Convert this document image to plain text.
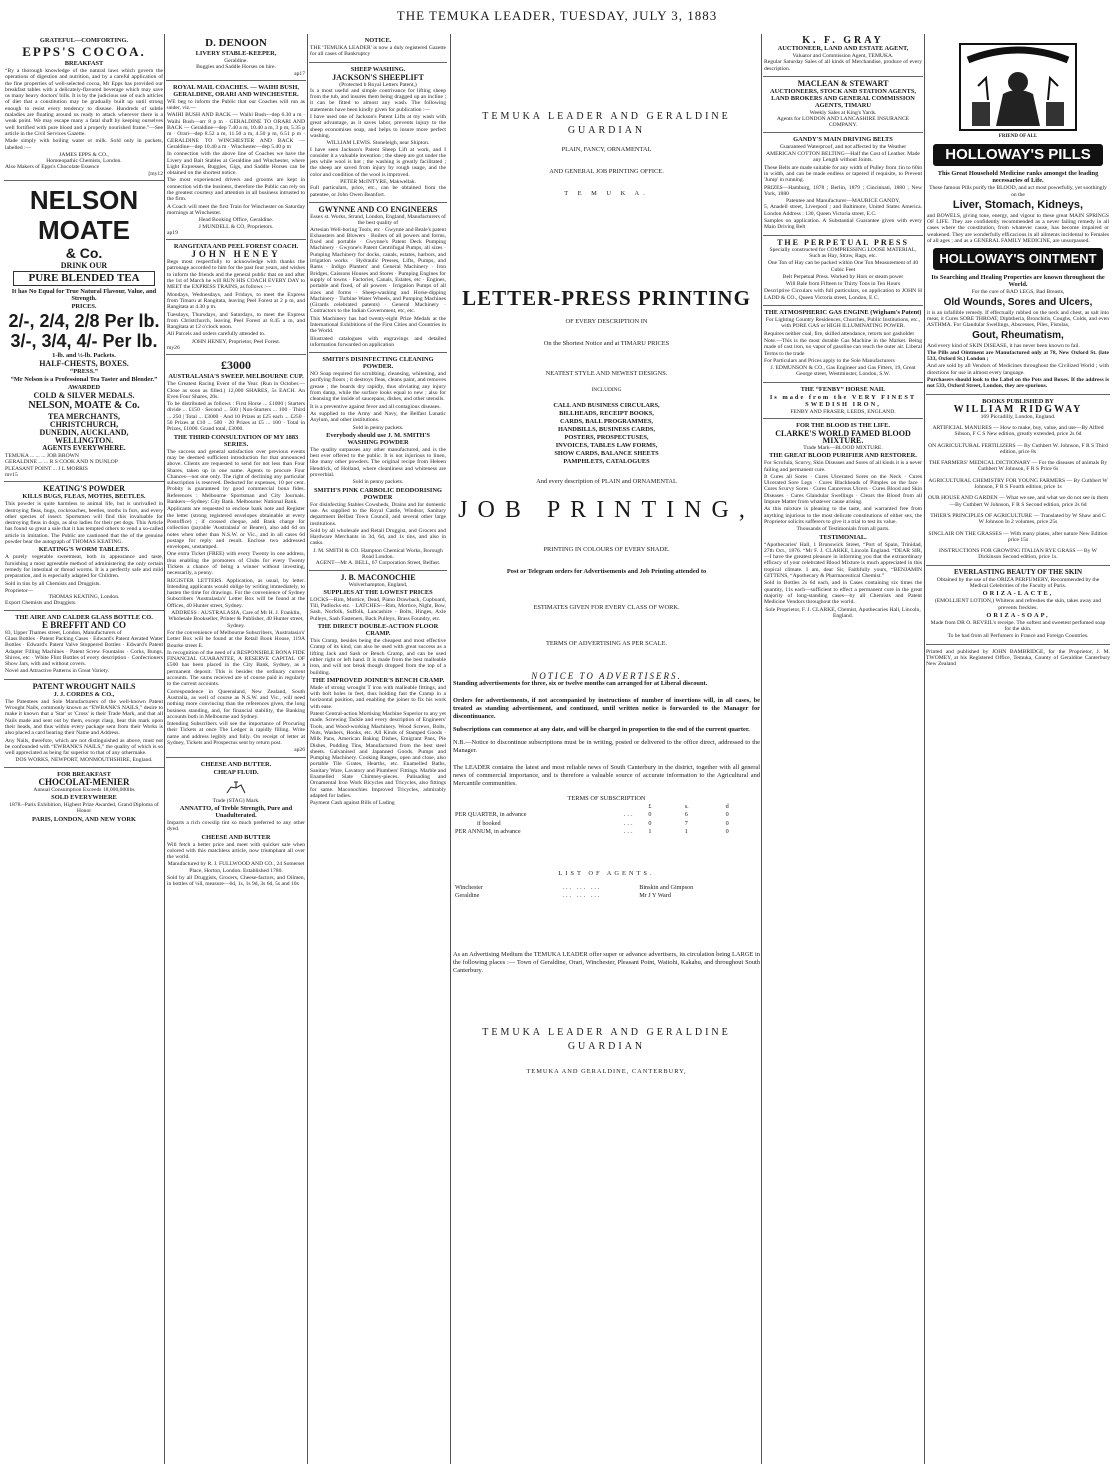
THE TEMUKA LEADER, TUESDAY, JULY 3, 1883
GRATEFUL—COMFORTING.
EPPS'S COCOA.
BREAKFAST

“By a thorough knowledge of the natural laws which govern the operations of digestion and nutrition, and by a careful application of the fine properties of well-selected cocoa, Mr Epps has provided our breakfast tables with a delicately-flavored beverage which may save us many heavy doctors' bills. It is by the judicious use of such articles of diet that a constitution may be gradually built up until strong enough to resist every tendency to disease. Hundreds of subtle maladies are floating around us ready to attack wherever there is a weak point. We may escape many a fatal shaft by keeping ourselves well fortified with pure blood and a properly nourished frame.”—See article in the Civil Services Gazette.

Made simply with boiling water or milk. Sold only in packets, labelled :—

JAMES EPPS & CO.,
Homœopathic Chemists, London.
Also Makers of Epps's Chocolate Essence
[my12
NELSON
MOATE
& Co.
DRINK OUR
PURE BLENDED TEA
It has No Equal for True Natural Flavour, Value, and Strength.
PRICES.
2/-, 2/4, 2/8 Per lb.
3/-, 3/4, 4/- Per lb.
1-lb. and ½-lb. Packets.
HALF-CHESTS, BOXES.
“PRESS.”
“Mr Nelson is a Professional Tea Taster and Blender.”
AWARDED
COLD & SILVER MEDALS.
NELSON, MOATE & Co.
TEA MERCHANTS,
CHRISTCHURCH,
DUNEDIN, AUCKLAND,
WELLINGTON.
AGENTS EVERYWHERE.
TEMUKA ... ... ... JOB BROWN
GERALDINE ... ... R S COOK AND N DUNLOP
PLEASANT POINT ... J L MORRIS
mv15
KEATING'S POWDER
KILLS BUGS, FLEAS, MOTHS, BEETLES.

This powder is quite harmless to animal life, but is unrivalled in destroying fleas, bugs, cockroaches, beetles, moths in furs, and every other species of insect. Sportsmen will find this invaluable for destroying fleas in dogs, as also ladies for their pet dogs. This Article has found so great a sale that it has tempted others to vend a so-called article in imitation. The Public are cautioned that the of the genuine powder bear the autograph of THOMAS KEATING.

KEATING'S WORM TABLETS.

A purely vegetable sweetmeat, both in appearance and taste, furnishing a most agreeable method of administering the only certain remedy for intestinal or thread worms. It is a perfectly safe and mild preparation, and is especially adapted for Children.

Sold in tins by all Chemists and Druggists.

Proprietor—
THOMAS KEATING, London.
Export Chemists and Druggists.
THE AIRE AND CALDER GLASS BOTTLE CO.
E BREFFIT AND CO
83, Upper Thames street, London, Manufacturers of

Glass Bottles · Patent Packing Cases · Edward's Patent Aerated Water Bottles · Edward's Patent Valve Stoppered Bottles · Edward's Patent Adapter Filling Machines · Patent Screw Fountains · Corks, Bungs, Shives, etc · White Flint Bottles of every description · Confectioners Show Jars, with and without covers.

Novel and Attractive Patterns in Great Variety.

PATENT WROUGHT NAILS
J. J. CORDES & CO.,

The Patentees and Sole Manufacturers of the well-known Patent Wrought Nails, commonly known as “EWBANK'S NAILS,” desire to make it known that a 'Star' or 'Cross' is their Trade Mark, and that all Nails made and sent out by them, except clasp, bear this mark upon their heads, and thus within every package sent from their Works is also placed a card bearing their Name and Address.

Any Nails, therefore, which are not distinguished as above, must not be confounded with “EWBANK'S NAILS,” the quality of which is so well appreciated as being far superior to that of any othermake.

DOS WORKS, NEWPORT, MONMOUTHSHIRE, England.
FOR BREAKFAST
CHOCOLAT-MENIER
Annual Consumption Exceeds 18,000,000lbs
SOLD EVERYWHERE
1878.–Paris Exhibition, Highest Prize Awarded, Grand Diploma of Honor
PARIS, LONDON, AND NEW YORK
D. DENOON
LIVERY STABLE-KEEPER,
Geraldine.
Buggies and Saddle Horses on hire.
ap17
ROYAL MAIL COACHES. — WAIHI BUSH, GERALDINE, ORARI AND WINCHESTER.

WE beg to inform the Public that our Coaches will run as under, viz.—

WAIHI BUSH AND BACK — Waihi Bush—dep 6.30 a m · Waihi Bush—arr 8 p m · GERALDINE TO ORARI AND BACK — Geraldine—dep 7.40 a m, 10.40 a m, 3 p m, 5.35 p m · Orari—dep 8.52 a m, 11.50 a m, 4.50 p m, 6.51 p m · GERALDINE TO WINCHESTER AND BACK — Geraldine—dep 10.40 a m · Winchester—dep 5.40 p m

In connection with the above line of Coaches we have the Livery and Bait Stables at Geraldine and Winchester, where Light Expresses, Buggies, Gigs, and Saddle Horses can be obtained on the shortest notice.

The most experienced drivers and grooms are kept in connection with the business, therefore the Public can rely on the greatest courtesy and attention in all business intrusted to the firm.

A Coach will meet the first Train for Winchester on Saturday mornings at Winchester.

Head Booking Office, Geraldine.
J MUNDELL & CO, Proprietors.
ap19
RANGITATA AND PEEL FOREST COACH.
JOHN HENEY

Begs most respectfully to acknowledge with thanks the patronage accorded to him for the past four years, and wishes to inform the friends and the general public that on and after the 1st of March he will RUN HIS COACH EVERY DAY to MEET the EXPRESS TRAINS, as follows :—

Mondays, Wednesdays, and Fridays, to meet the Express from Timaru at Rangitata, leaving Peel Forest at 2 p m, and Rangitata at 4.30 p m.

Tuesdays, Thursdays, and Saturdays, to meet the Express from Christchurch, leaving Peel Forest at 8.45 a m, and Rangitata at 12 o'clock noon.

All Parcels and orders carefully attended to.

JOHN HENEY, Proprietor, Peel Forest.
my26
£3000
AUSTRALASIA'S SWEEP. MELBOURNE CUP.

The Greatest Racing Event of the Year. (Run in October.—Close as soon as filled.) 12,000 SHARES, 5s EACH. An Even Four Shares, 20s.

To be distributed as follows : First Horse ... £1000 | Starters divide ... £150 · Second ... 500 | Non-Starters ... 100 · Third ... 250 | Total ... £3000 · And 10 Prizes at £25 each ... £250 · 50 Prizes at £10 ... 500 · 20 Prizes at £5 ... 100 · Total in Prizes, £1000. Grand total, £3000.

THE THIRD CONSULTATION OF MY 1883 SERIES.

The success and general satisfaction over previous events may be deemed sufficient introduction for that announced above. Clients are requested to send for not less than Four Shares, taken up in one name. Agents to procure Four Chances—not one only. The right of declining any particular subscription is reserved. Deducted for expenses, 10 per cent. Probity is guaranteed by good commercial bona fides. References : Melbourne Sportsman and City Journals. Bankers—Sydney: City Bank. Melbourne: National Bank.

Applicants are requested to enclose bank note and Register the letter (strong registered envelopes obtainable at every Postoffice) ; if crossed cheque, add Bank charge for collection (payable 'Australasia' or Bearer), also add 6d on notes when other than N.S.W. or Vic., and in all cases 6d postage for reply and result. Enclose two addressed envelopes, unstamped.

One extra Ticket (FREE) with every Twenty in one address, thus enabling the promoters of Clubs for every Twenty Tickets a chance of being a winner without investing, necessarily, a penny.

REGISTER LETTERS. Application, as usual, by letter. Intending applicants would oblige by writing immediately, to hasten the time for drawings. For the convenience of Sydney Subscribers 'Australasia's' Letter Box will be found at the Offices, 40 Hunter street, Sydney.

ADDRESS : AUSTRALASIA, Care of Mr H. J. Franklin, Wholesale Bookseller, Printer & Publisher, 40 Hunter street, Sydney.

For the convenience of Melbourne Subscribers, 'Australasia's' Letter Box will be found at the Retail Book House, 119A Bourke street E.

In recognition of the need of a RESPONSIBLE BONA FIDE FINANCIAL GUARANTEE, A RESERVE CAPITAL OF £500 has been placed in the City Bank, Sydney, as a permanent deposit. This is besides the ordinary current accounts. The sums received are of course paid in regularly to the current accounts.

Correspondence in Queensland, New Zealand, South Australia, as well of course as N.S.W. and Vic., will need nothing more convincing than the references given, the long business standing, and, for financial stability, the Banking accounts both in Melbourne and Sydney.

Intending Subscribers will see the importance of Procuring their Tickets at once The Ledger is rapidly filling. Write name and address legibly and fully. On receipt of letter at Sydney, Tickets and Prospectus sent by return post.

ap26
CHEESE AND BUTTER.
CHEAP FLUID.
Trade (STAG) Mark.
ANNATTO, of Treble Strength, Pure and Unadulterated.

Imparts a rich cowslip tint so much preferred to any other dyed.

CHEESE AND BUTTER

Will fetch a better price and meet with quicker sale when colored with this matchless article, now triumphant all over the world.

Manufactured by R. J. FULLWOOD AND CO., 24 Somerset Place, Horton, London. Established 1780.

Sold by all Druggists, Grocers, Cheese-factors, and Oilmen, in bottles of ¼ll, measure—6d, 1s, 1s 9d, 3s 6d, 5s and 10s

NOTICE.

THE 'TEMUKA LEADER' is now a duly registered Gazette for all cases of Bankruptcy

SHEEP WASHING.
JACKSON'S SHEEPLIFT
(Protected b Royal Letters Patent,)

Is a most useful and simple contrivance for lifting sheep from the tub, and insures them being dragged up an incline ; it can be fitted to almost any wash. The following statements have been kindly given for publication :—

I have used one of Jackson's Patent Lifts at my wash with great advantage, as it saves labor, prevents injury to the sheep economises soap, and helps to insure more perfect washing.

WILLIAM LEWIS. Stoneleigh, near Shipton.

I have seen Jackson's Patent Sheep Lift at work, and I consider it a valuable invention ; the sheep are got under the jets while wool is hot ; the washing is greatly facilitated ; the sheep are saved from injury by rough usage, and the color and condition of the wool is improved.

PETER McINTYRE, Makwellak.

Full particulars, price, etc., can be obtained from the patentee, or John Owen Beanfort.

GWYNNE AND CO ENGINEERS
Essex st. Works, Strand, London, England, Manufacturers of the best quality of

Artesian Well-boring Tools, etc · Gwynne and Beale's patent Exhausters and Blowers · Boilers of all powers and forms, fixed and portable · Gwynne's Patent Deck Pumping Machinery · Gwynne's Patent Centrifugal Pumps, all sizes · Pumping Machinery for docks, canals, estates, harbors, and irrigation works · Hydraulic Presses, Lifts, Pumps, and Rams · Indigo Planters' and General Machinery · Iron Bridges, Caissons Houses and Stores · Pumping Engines for supply of towns · Factories, Canals, Estates, etc · Engines, portable and fixed, of all powers · Irrigation Pumps of all sizes and forms · Sheep-washing and Horse-dipping Machinery · Turbine Water Wheels, and Pumping Machines (Girards celebrated patents) · General Machinery · Contractors to the Indian Government, etc, etc.

This Machinery has had twenty-eight Prize Medals at the International Exhibitions of the First Cities and Countries in the World.

Illustrated catalogues with engravings and detailed information forwarded on application

SMITH'S DISINFECTING CLEANING POWDER.

NO Soap required for scrubbing, cleansing, whitening, and purifying floors ; it destroys fleas, cleans paint, and removes grease ; the boards dry rapidly, thus obviating any injury from damp, while the surface looks equal to new ; also for cleansing the inside of saucepans, dishes, and other utensils.

It is a preventive against fever and all contagious diseases.

As supplied to the Army and Navy, the Belfast Lunatic Asylum, and other institutions.

Sold in penny packets.
Everybody should use J. M. SMITH'S WASHING POWDER

The quality surpasses any other manufactured, and is the best ever offered to the public. It is not injurious to linen, like many other powders. The original recipe from Heleen Hendrick, of Holland, where cleanliness and whiteness are proverbial.

Sold in penny packets.
SMITH'S PINK CARBOLIC DEODORISING POWDER

For disinfecting Stables Cowsheds, Drains and for domestic use. As supplied to the Royal Castle, Windsor, Sanitary department Belfast Town Council, and several other large institutions.

Sold by all wholesale and Retail Druggist, and Grocers and Hardware Merchants in 3d, 6d, and 1s tins, and also in casks.

J. M. SMITH & CO. Hampton Chemical Works, Borough Road London.
AGENT—Mr A. BELL, 67 Corporation Street, Belfast.
J. B. MACONOCHIE
Wolverhampton, England,
SUPPLIES AT THE LOWEST PRICES

LOCKS—Rim, Mortice, Dead, Piano Drawback, Cupboard, Till, Padlocks etc. · LATCHES—Rim, Mortice, Night, Bow, Sash, Norfolk, Suffolk, Lancashire · Bolts, Hinges, Axle Pulleys, Sash Fasteners, Back Pulleys, Brass Foundry, etc.

THE DIRECT DOUBLE-ACTION FLOOR CRAMP.

This Cramp, besides being the cheapest and most effective Cramp of its kind, can also be used with great success as a lifting Jack and Sash or Bench Cramp, and can be used either right or left hand. It is made from the best malleable iron, and will not break though dropped from the top of a building.

THE IMPROVED JOINER'S BENCH CRAMP.

Made of strong wrought T iron with malleable fittings, and with bolt holes in feet, thus holding fast the Cramp in a horizontal position, and enabling the joiner to fix his work with ease.

Patent Central-action Mortising Machine Superior to any yet made. Screwing Tackle and every description of Engineers' Tools, and Wood-working Machinery. Wood Screws, Bolts, Nuts, Washers, Hooks, etc. All Kinds of Stamped Goods · Milk Pans, American Baking Dishes, Emigrant Pans, Pie Dishes, Pudding Tins, Manufactured from the best steel sheets. Galvanised and Japanned Goods. Pumps and Pumping Machinery. Cooking Ranges, open and close, also portable Tile Grates, Hearths, etc. Enamelled Baths, Sanitary Ware, Lavatory and Plumbers' Fittings. Marble and Enamelled Slate Chimney-pieces. Palisading and Ornamental Iron Work Bicycles and Tricycles, also fittings for same. Maconochies Improved Tricycles, admirably adapted for ladies.

Payment Cash against Bills of Lading

TEMUKA LEADER AND GERALDINE GUARDIAN
PLAIN, FANCY, ORNAMENTAL
AND GENERAL JOB PRINTING OFFICE.
T E M U K A.
LETTER-PRESS PRINTING
OF EVERY DESCRIPTION IN
On the Shortest Notice and at TIMARU PRICES
NEATEST STYLE AND NEWEST DESIGNS.
INCLUDING
CALL AND BUSINESS CIRCULARS,
BILLHEADS, RECEIPT BOOKS,
CARDS, BALL PROGRAMMES,
HANDBILLS, BUSINESS CARDS,
POSTERS, PROSPECTUSES,
INVOICES, TABLES LAW FORMS,
SHOW CARDS, BALANCE SHEETS
PAMPHLETS, CATALOGUES
And every description of PLAIN and ORNAMENTAL
JOB PRINTING,
PRINTING IN COLOURS OF EVERY SHADE.
Post or Telegram orders for Advertisements and Job Printing attended to
ESTIMATES GIVEN FOR EVERY CLASS OF WORK.
TERMS OF ADVERTISING AS PER SCALE.
NOTICE TO ADVERTISERS.

Standing advertisements for three, six or twelve months can arranged for at Liberal discount.

Orders for advertisements, if not accompanied by instructions of number of insertions will, in all cases, be treated as standing advertisement, and continued, until written notice is forwarded to the Manager for discontinuance.

Subscriptions can commence at any date, and will be charged in proportion to the end of the current quarter.

N.B.—Notice to discontinue subscriptions must be in writing, posted or delivered to the office direct, addressed to the Manager.

The LEADER contains the latest and most reliable news of South Canterbury in the district, together with all general news of commercial importance, and is therefore a valuable source of accurate information to the Agricultural and Mercantile communities.

TERMS OF SUBSCRIPTION
		£	s.	d
PER QUARTER, in advance	...	0	6	0
if booked	...	0	7	0
PER ANNUM, in advance	...	1	1	0
LIST OF AGENTS.
Winchester	... ... ...	Binskin and Gimpson
Geraldine	... ... ...	Mr J Y Ward

As an Advertising Medium the TEMUKA LEADER offer super or advance advertisers, its circulation being LARGE in the following places :— Town of Geraldine, Orari, Winchester, Pleasant Point, Waitohi, Kakahu, and throughout South Canterbury.

TEMUKA LEADER AND GERALDINE GUARDIAN
TEMUKA AND GERALDINE, CANTERBURY,
K. F. GRAY
AUCTIONEER, LAND AND ESTATE AGENT,
Valuator and Commission Agent, TEMUKA.

Regular Saturday Sales of all kinds of Merchandise, produce of every description.

MACLEAN & STEWART
AUCTIONEERS, STOCK AND STATION AGENTS, LAND BROKERS AND GENERAL COMMISSION AGENTS, TIMARU
Weekly Sales at King's Yards.
Agents for LONDON AND LANCASHIRE INSURANCE COMPANY.
GANDY'S MAIN DRIVING BELTS

Guaranteed Waterproof, and not affected by the Weather

AMERICAN COTTON BELTING—Half the Cost of Leather. Made any Length without Joints.

These Belts are made suitable for any width of Pulley from 1in to 60in in width, and can be made endless or tapered if requisite, to Prevent 'Jump' in running.

PRIZES—Hamburg, 1878 ; Berlin, 1879 ; Cincinnati, 1880 ; New York, 1880

Patentee and Manufacturer—MAURICE GANDY,

5, Anadell street, Liverpool ; and Baltimore, United States America. London Address : 130, Queen Victoria street, E.C.

Samples on application. A Substantial Guarantee given with every Main Driving Belt

THE PERPETUAL PRESS

Specially constructed for COMPRESSING LOOSE MATERIAL, Such as Hay, Straw, Rags, etc.

One Ton of Hay can be packed within One Ton Measurement of 40 Cubic Feet

Belt Perpetual Press. Worked by Hors or steam power

Will Bale from Fifteen to Thirty Tons in Ten Hours

Descriptive Circulars with full particulars, on application to JOHN H LADD & CO., Queen Victoria street, London, E C.

THE ATMOSPHERIC GAS ENGINE (Wigham's Patent)

For Lighting Country Residences, Churches, Public Institutions, etc., with PORE GAS or HIGH ILLUMINATING POWER.

Requires neither coal, fire, skilled attendance, retorts nor gasholder

Note.—This is the most durable Gas Machine in the Market. Being made of cast iron, no vapor of gasoline can reach the outer air. Liberal Terms to the trade

For Particulars and Prices apply to the Sole Manufacturers

J. EDMUNSON & CO., Gas Engineer and Gas Fitters, 19, Great George street, Westminster, London, S.W.

THE “FENBY” HORSE NAIL
Is made from the VERY FINEST SWEDISH IRON,
FENBY AND FRASER, LEEDS, ENGLAND.
FOR THE BLOOD IS THE LIFE.
CLARKE'S WORLD FAMED BLOOD MIXTURE.
Trade Mark—BLOOD MIXTURE.
THE GREAT BLOOD PURIFIER AND RESTORER.

For Scrofula, Scurvy, Skin Diseases and Sores of all kinds it is a never failing and permanent cure.

It Cures all Sores · Cures Ulcerated Sores on the Neck · Cures Ulcerated Sore Legs · Cures Blackheads of Pimples on the face · Cures Scurvy Sores · Cures Cancerous Ulcers · Cures Blood and Skin Diseases · Cures Glandular Swellings · Clears the Blood from all Impure Matter from whatever cause arising.

As this mixture is pleasing to the taste, and warranted free from anything injurious to the most delicate constitutions of either sex, the Proprietor solicits sufferers to give it a trial to test its value.

Thousands of Testimonials from all parts.

TESTIMONIAL.

“Apothecaries' Hall, 1 Brunswick Street, “Port of Spain, Trinidad, 27th Oct., 1876. “Mr F. J. CLARKE, Lincoln England. “DEAR SIR,—I have the greatest pleasure in informing you that the extraordinary efficacy of your celebrated Blood Mixture is much appreciated in this tropical climate. I am, dear Sir, Faithfully yours, “BENJAMIN GITTENS, “Apothecary & Pharmaceutical Chemist.”

Sold in Bottles 2s 6d each, and in Cases containing six times the quantity, 11s each—sufficient to effect a permanent cure in the great majority of long-standing cases—by all Chemists and Patent Medicine Vendors throughout the world.

Sole Proprietor, F. J. CLARKE, Chemist, Apothecaries Hall, Lincoln, England.

FRIEND OF ALL
HOLLOWAY'S PILLS
This Great Household Medicine ranks amongst the leading necessaries of Life.

These famous Pills purify the BLOOD, and act most powerfully, yet soothingly on the

Liver, Stomach, Kidneys,

and BOWELS, giving tone, energy, and vigour to these great MAIN SPRINGS OF LIFE. They are confidently recommended as a never failing remedy in all cases where the constitution, from whatever cause, has become impaired or weakened. They are wonderfully efficacious in all ailments incidental to Females of all ages ; and as a GENERAL FAMILY MEDICINE, are unsurpassed.

HOLLOWAY'S OINTMENT
Its Searching and Healing Properties are known throughout the World.
For the cure of BAD LEGS, Bad Breasts,
Old Wounds, Sores and Ulcers,

it is an infallible remedy. If effectually rubbed on the neck and chest, as salt into meat, it Cures SORE THROAT, Diphtheria, Bronchitis, Coughs, Colds, and even ASTHMA. For Glandular Swellings, Abscesses, Piles, Fistulas,

Gout, Rheumatism,

And every kind of SKIN DISEASE, it has never been known to fail.

The Pills and Ointment are Manufactured only at 78, New Oxford St. (late 533, Oxford St.) London ;

And are sold by all Vendors of Medicines throughout the Civilized World ; with directions for use in almost every language.

Purchasers should look to the Label on the Pots and Boxes. If the address is not 533, Oxford Street, London, they are spurious.

BOOKS PUBLISHED BY
WILLIAM RIDGWAY
169 Piccadilly, London, England.

ARTIFICIAL MANURES — How to make, buy, value, and use—By Alfred Sibson, F C S New edition, greatly extended, price 2s 6d

ON AGRICULTURAL FERTILIZERS — By Cuthbert W. Johnson, F R S Third edition, price 8s

THE FARMERS' MEDICAL DICTIONARY — For the diseases of animals By Cuthbert W Johnson, F R S Price 6s

AGRICULTURAL CHEMISTRY FOR YOUNG FARMERS — By Cuthbert W Johnson, F R S Fourth edition, price 1s

OUR HOUSE AND GARDEN — What we see, and what we do not see in them —By Cuthbert W Johnson, F R S Second edition, price 2s 6d

THIER'S PRINCIPLES OF AGRICULTURE — Translated by W Shaw and C W Johnson In 2 volumes, price 25s

SINCLAIR ON THE GRASSES — With many plates, after nature New Edition price 15s

INSTRUCTIONS FOR GROWING ITALIAN RYE GRASS — By W Dickinson Second edition, price 1s.

EVERLASTING BEAUTY OF THE SKIN

Obtained by the use of the ORIZA PERFUMERY, Recommended by the Medical Celebrities of the Faculty of Paris.

ORIZA-LACTE,

(EMOLLIENT LOTION,) Whitens and refreshes the skin, takes away and prevents freckles.

ORIZA-SOAP,

Made from DR O. REVEIL's receipe. The softest and sweetest perfumed soap for the skin.

To be had from all Perfumers in France and Foreign Countries.

Printed and published by JOHN BAMBRIDGE, for the Proprietor, J. M. TWOMEY, at his Registered Office, Temuka, County of Geraldine Canterbury New Zealand
